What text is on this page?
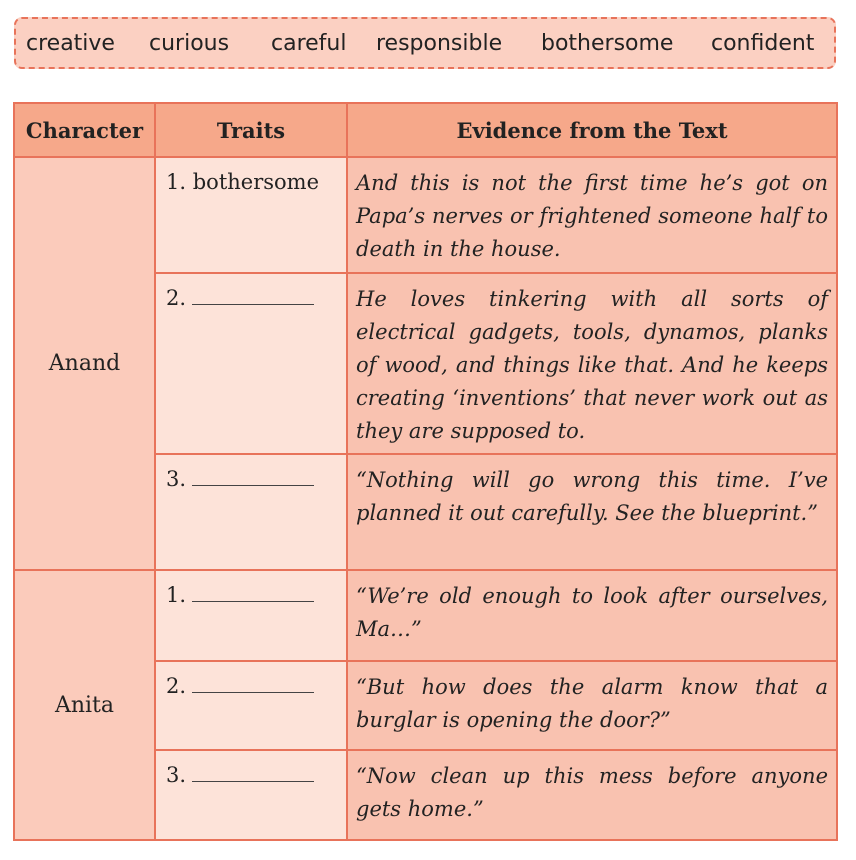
creative curious careful responsible bothersome confident
Character	Traits	Evidence from the Text
Anand	1. bothersome	And this is not the first time he’s got on Papa’s nerves or frightened someone half to death in the house.
	2.	He loves tinkering with all sorts of electrical gadgets, tools, dynamos, planks of wood, and things like that. And he keeps creating ‘inventions’ that never work out as they are supposed to.
	3.	“Nothing will go wrong this time. I’ve planned it out carefully. See the blueprint.”
Anita	1.	“We’re old enough to look after ourselves, Ma…”
	2.	“But how does the alarm know that a burglar is opening the door?”
	3.	“Now clean up this mess before anyone gets home.”
